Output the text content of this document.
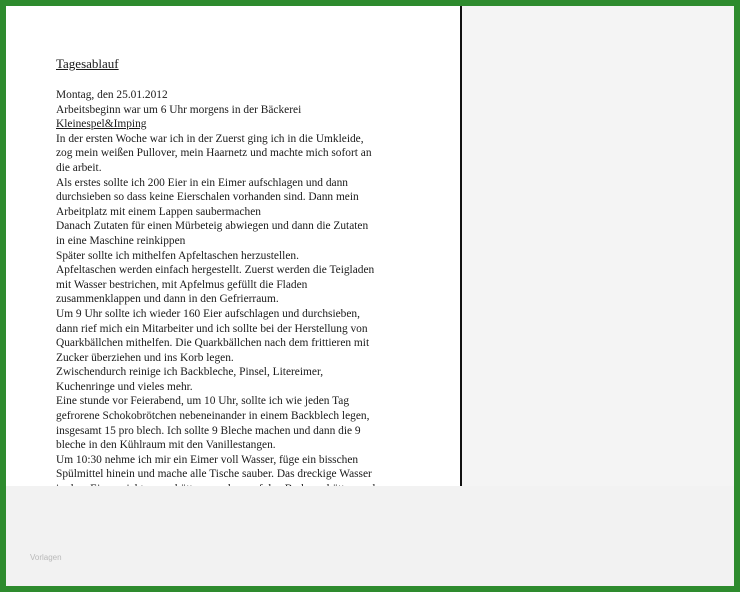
Tagesablauf
Montag, den 25.01.2012
Arbeitsbeginn war um 6 Uhr morgens in der Bäckerei
Kleinespel&Imping
In der ersten Woche war ich in der Zuerst ging ich in die Umkleide,
zog mein weißen Pullover, mein Haarnetz und machte mich sofort an
die arbeit.
Als erstes sollte ich 200 Eier in ein Eimer aufschlagen und dann
durchsieben so dass keine Eierschalen vorhanden sind. Dann mein
Arbeitplatz mit einem Lappen saubermachen
Danach Zutaten für einen Mürbeteig abwiegen und dann die Zutaten
in eine Maschine reinkippen
Später sollte ich mithelfen Apfeltaschen herzustellen.
Apfeltaschen werden einfach hergestellt. Zuerst werden die Teigladen
mit Wasser bestrichen, mit Apfelmus gefüllt die Fladen
zusammenklappen und dann in den Gefrierraum.
Um 9 Uhr sollte ich wieder 160 Eier aufschlagen und durchsieben,
dann rief mich ein Mitarbeiter und ich sollte bei der Herstellung von
Quarkbällchen mithelfen. Die Quarkbällchen nach dem frittieren mit
Zucker überziehen und ins Korb legen.
Zwischendurch reinige ich Backbleche, Pinsel, Litereimer,
Kuchenringe und vieles mehr.
Eine stunde vor Feierabend, um 10 Uhr, sollte ich wie jeden Tag
gefrorene Schokobrötchen nebeneinander in einem Backblech legen,
insgesamt 15 pro blech. Ich sollte 9 Bleche machen und dann die 9
bleche in den Kühlraum mit den Vanillestangen.
Um 10:30 nehme ich mir ein Eimer voll Wasser, füge ein bisschen
Spülmittel hinein und mache alle Tische sauber. Das dreckige Wasser
Vorlagen
